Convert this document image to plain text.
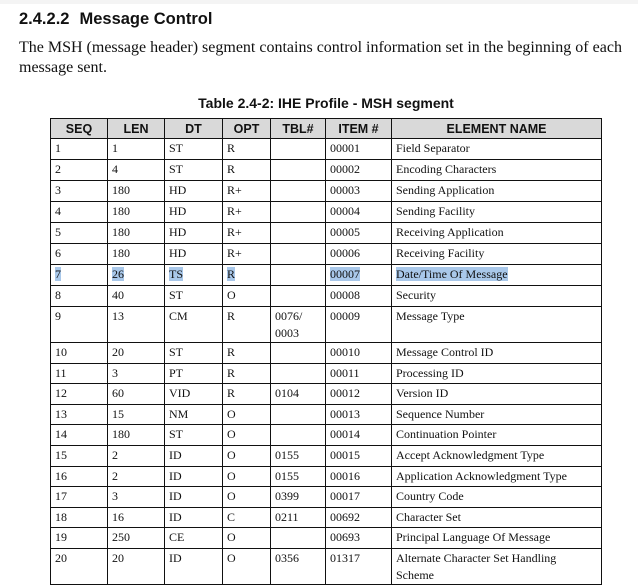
2.4.2.2 Message Control

The MSH (message header) segment contains control information set in the beginning of each message sent.

Table 2.4-2: IHE Profile - MSH segment
SEQ	LEN	DT	OPT	TBL#	ITEM #	ELEMENT NAME
1	1	ST	R		00001	Field Separator
2	4	ST	R		00002	Encoding Characters
3	180	HD	R+		00003	Sending Application
4	180	HD	R+		00004	Sending Facility
5	180	HD	R+		00005	Receiving Application
6	180	HD	R+		00006	Receiving Facility
7	26	TS	R		00007	Date/Time Of Message
8	40	ST	O		00008	Security
9	13	CM	R	0076/ 0003	00009	Message Type
10	20	ST	R		00010	Message Control ID
11	3	PT	R		00011	Processing ID
12	60	VID	R	0104	00012	Version ID
13	15	NM	O		00013	Sequence Number
14	180	ST	O		00014	Continuation Pointer
15	2	ID	O	0155	00015	Accept Acknowledgment Type
16	2	ID	O	0155	00016	Application Acknowledgment Type
17	3	ID	O	0399	00017	Country Code
18	16	ID	C	0211	00692	Character Set
19	250	CE	O		00693	Principal Language Of Message
20	20	ID	O	0356	01317	Alternate Character Set Handling Scheme
